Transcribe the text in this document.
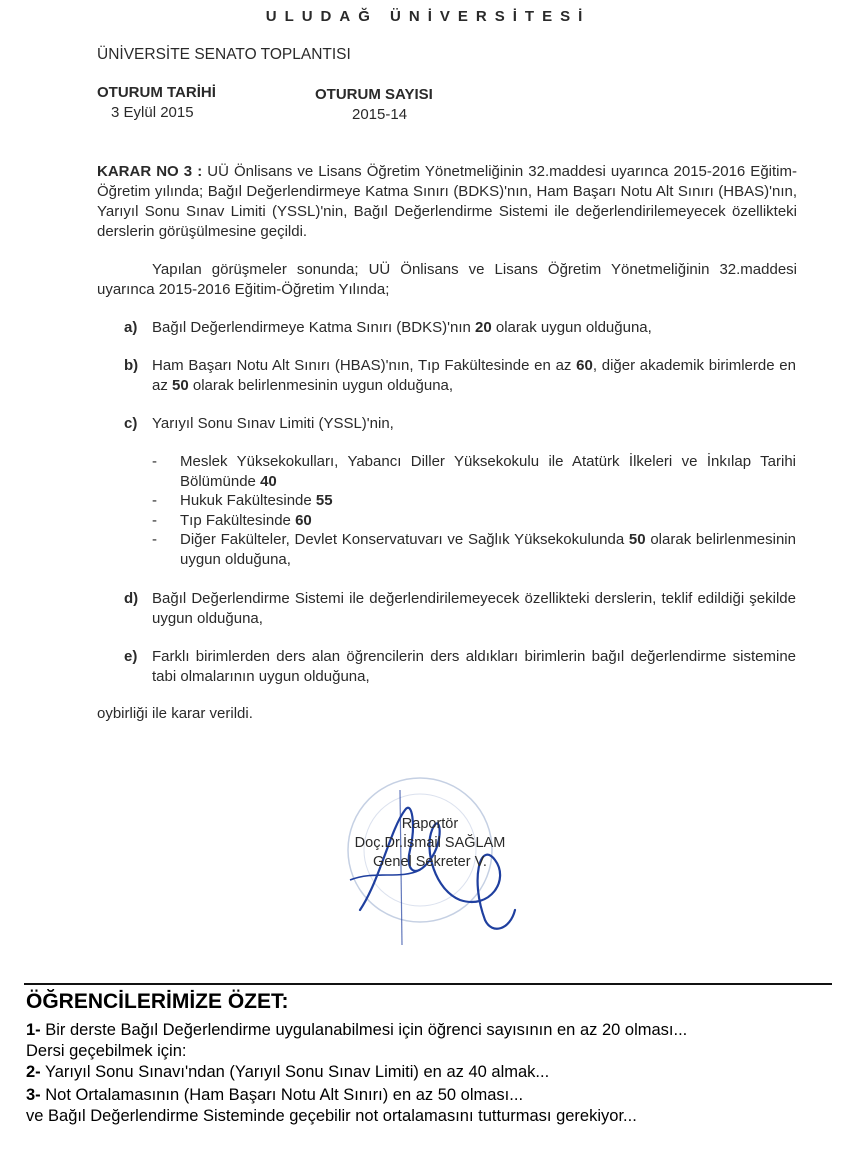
ULUDAĞ ÜNİVERSİTESİ
ÜNİVERSİTE SENATO TOPLANTISI
OTURUM TARİHİ
3 Eylül 2015
OTURUM SAYISI
2015-14
KARAR NO 3 : UÜ Önlisans ve Lisans Öğretim Yönetmeliğinin 32.maddesi uyarınca 2015-2016 Eğitim-Öğretim yılında; Bağıl Değerlendirmeye Katma Sınırı (BDKS)'nın, Ham Başarı Notu Alt Sınırı (HBAS)'nın, Yarıyıl Sonu Sınav Limiti (YSSL)'nin, Bağıl Değerlendirme Sistemi ile değerlendirilemeyecek özellikteki derslerin görüşülmesine geçildi.
Yapılan görüşmeler sonunda; UÜ Önlisans ve Lisans Öğretim Yönetmeliğinin 32.maddesi uyarınca 2015-2016 Eğitim-Öğretim Yılında;
a) Bağıl Değerlendirmeye Katma Sınırı (BDKS)'nın 20 olarak uygun olduğuna,
b) Ham Başarı Notu Alt Sınırı (HBAS)'nın, Tıp Fakültesinde en az 60, diğer akademik birimlerde en az 50 olarak belirlenmesinin uygun olduğuna,
c) Yarıyıl Sonu Sınav Limiti (YSSL)'nin,
- Meslek Yüksekokulları, Yabancı Diller Yüksekokulu ile Atatürk İlkeleri ve İnkılap Tarihi Bölümünde 40
- Hukuk Fakültesinde 55
- Tıp Fakültesinde 60
- Diğer Fakülteler, Devlet Konservatuvarı ve Sağlık Yüksekokulunda 50 olarak belirlenmesinin uygun olduğuna,
d) Bağıl Değerlendirme Sistemi ile değerlendirilemeyecek özellikteki derslerin, teklif edildiği şekilde uygun olduğuna,
e) Farklı birimlerden ders alan öğrencilerin ders aldıkları birimlerin bağıl değerlendirme sistemine tabi olmalarının uygun olduğuna,
oybirliği ile karar verildi.
Raportör
Doç.Dr.İsmail SAĞLAM
Genel Sekreter V.
ÖĞRENCİLERİMİZE ÖZET:
1- Bir derste Bağıl Değerlendirme uygulanabilmesi için öğrenci sayısının en az 20 olması...
Dersi geçebilmek için:
2- Yarıyıl Sonu Sınavı'ndan (Yarıyıl Sonu Sınav Limiti) en az 40 almak...
3- Not Ortalamasının (Ham Başarı Notu Alt Sınırı) en az 50 olması...
ve Bağıl Değerlendirme Sisteminde geçebilir not ortalamasını tutturması gerekiyor...
